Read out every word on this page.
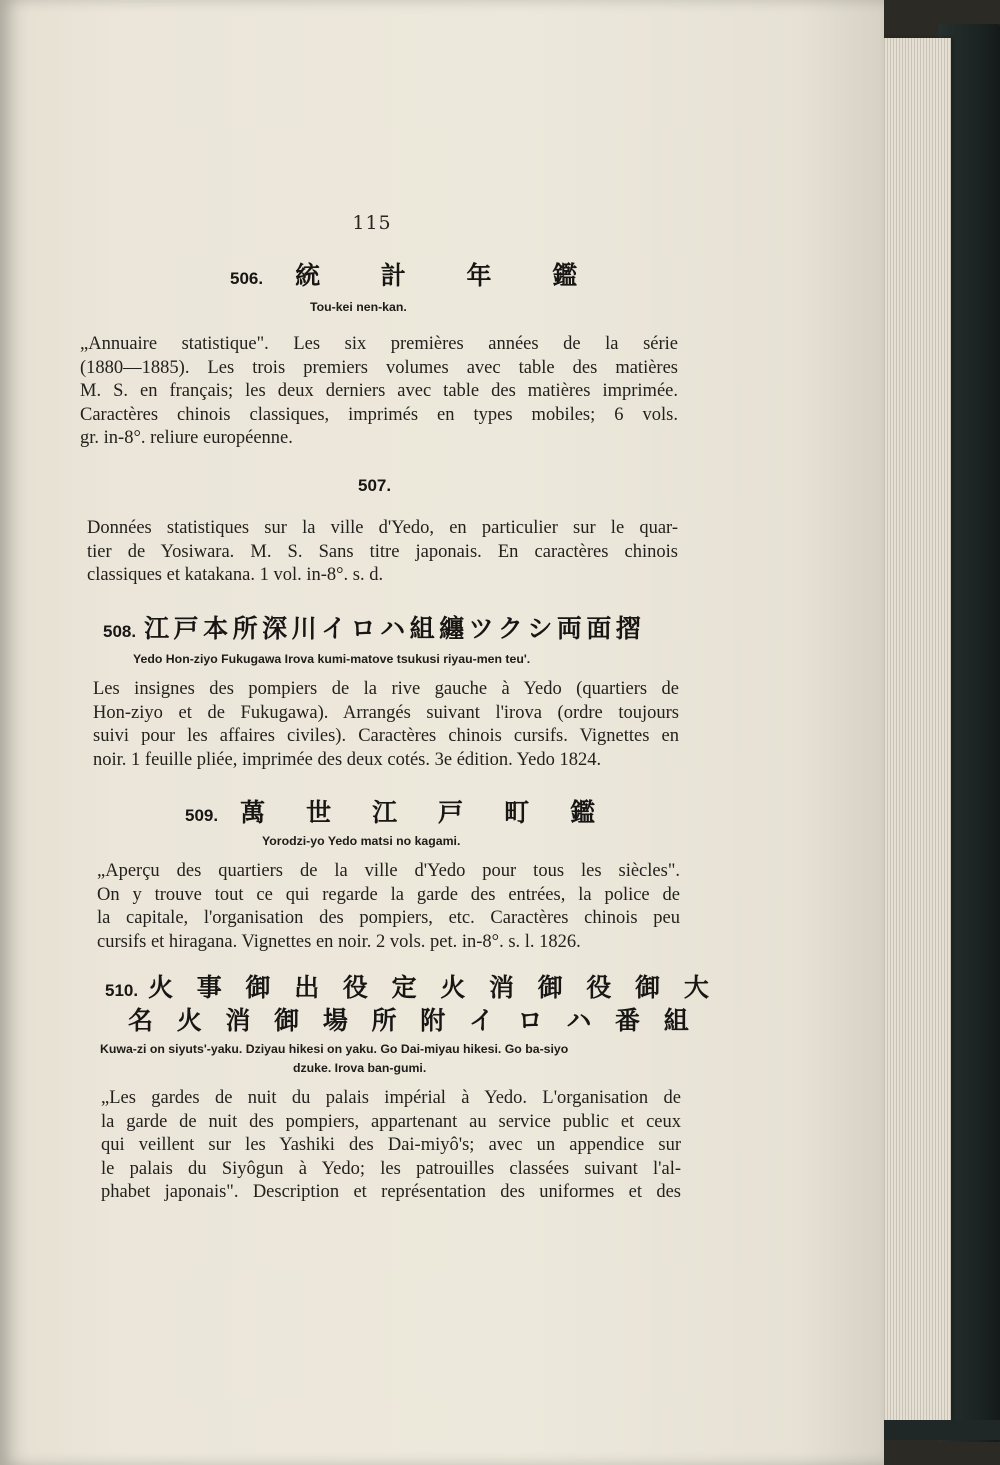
115
506. 統 計 年 鑑
Tou-kei nen-kan.
„Annuaire statistique". Les six premières années de la série
(1880—1885). Les trois premiers volumes avec table des matières
M. S. en français; les deux derniers avec table des matières imprimée.
Caractères chinois classiques, imprimés en types mobiles; 6 vols.
gr. in-8°. reliure européenne.
507.
Données statistiques sur la ville d'Yedo, en particulier sur le quar-
tier de Yosiwara. M. S. Sans titre japonais. En caractères chinois
classiques et katakana. 1 vol. in-8°. s. d.
508. 江戸本所深川イロハ組纏ツクシ両面摺
Yedo Hon-ziyo Fukugawa Irova kumi-matove tsukusi riyau-men teu'.
Les insignes des pompiers de la rive gauche à Yedo (quartiers de
Hon-ziyo et de Fukugawa). Arrangés suivant l'irova (ordre toujours
suivi pour les affaires civiles). Caractères chinois cursifs. Vignettes en
noir. 1 feuille pliée, imprimée des deux cotés. 3e édition. Yedo 1824.
509. 萬　世　江　戸　町　鑑
Yorodzi-yo Yedo matsi no kagami.
„Aperçu des quartiers de la ville d'Yedo pour tous les siècles".
On y trouve tout ce qui regarde la garde des entrées, la police de
la capitale, l'organisation des pompiers, etc. Caractères chinois peu
cursifs et hiragana. Vignettes en noir. 2 vols. pet. in-8°. s. l. 1826.
510. 火 事 御 出 役 定 火 消 御 役 御 大
名 火 消 御 場 所 附 イ ロ ハ 番 組
Kuwa-zi on siyuts'-yaku. Dziyau hikesi on yaku. Go Dai-miyau hikesi. Go ba-siyo
dzuke. Irova ban-gumi.
„Les gardes de nuit du palais impérial à Yedo. L'organisation de
la garde de nuit des pompiers, appartenant au service public et ceux
qui veillent sur les Yashiki des Dai-miyô's; avec un appendice sur
le palais du Siyôgun à Yedo; les patrouilles classées suivant l'al-
phabet japonais". Description et représentation des uniformes et des
